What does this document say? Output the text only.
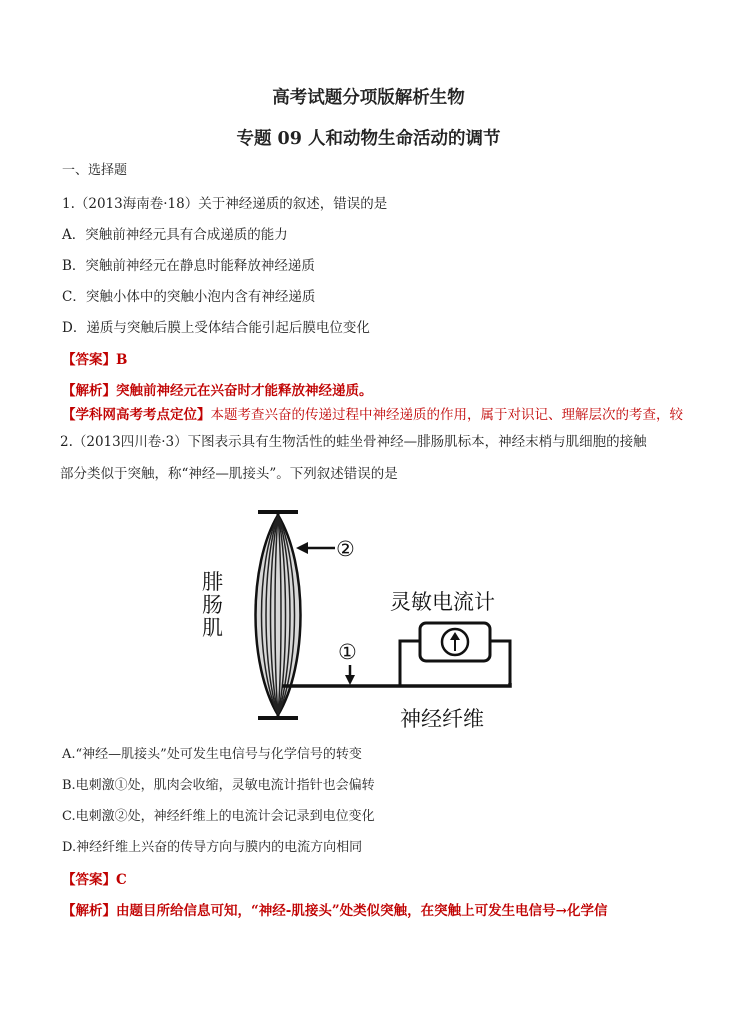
高考试题分项版解析生物
专题 09 人和动物生命活动的调节
一、选择题
1.（2013海南卷·18）关于神经递质的叙述，错误的是
A．突触前神经元具有合成递质的能力
B．突触前神经元在静息时能释放神经递质
C．突触小体中的突触小泡内含有神经递质
D．递质与突触后膜上受体结合能引起后膜电位变化
【答案】B
【解析】突触前神经元在兴奋时才能释放神经递质。
【学科网高考考点定位】本题考查兴奋的传递过程中神经递质的作用，属于对识记、理解层次的考查，较
2.（2013四川卷·3）下图表示具有生物活性的蛙坐骨神经—腓肠肌标本，神经末梢与肌细胞的接触
部分类似于突触，称“神经—肌接头”。下列叙述错误的是
①
②
腓
肠
肌
灵敏电流计
神经纤维
A.“神经—肌接头”处可发生电信号与化学信号的转变
B.电刺激①处，肌肉会收缩，灵敏电流计指针也会偏转
C.电刺激②处，神经纤维上的电流计会记录到电位变化
D.神经纤维上兴奋的传导方向与膜内的电流方向相同
【答案】C
【解析】由题目所给信息可知，“神经-肌接头”处类似突触，在突触上可发生电信号→化学信
